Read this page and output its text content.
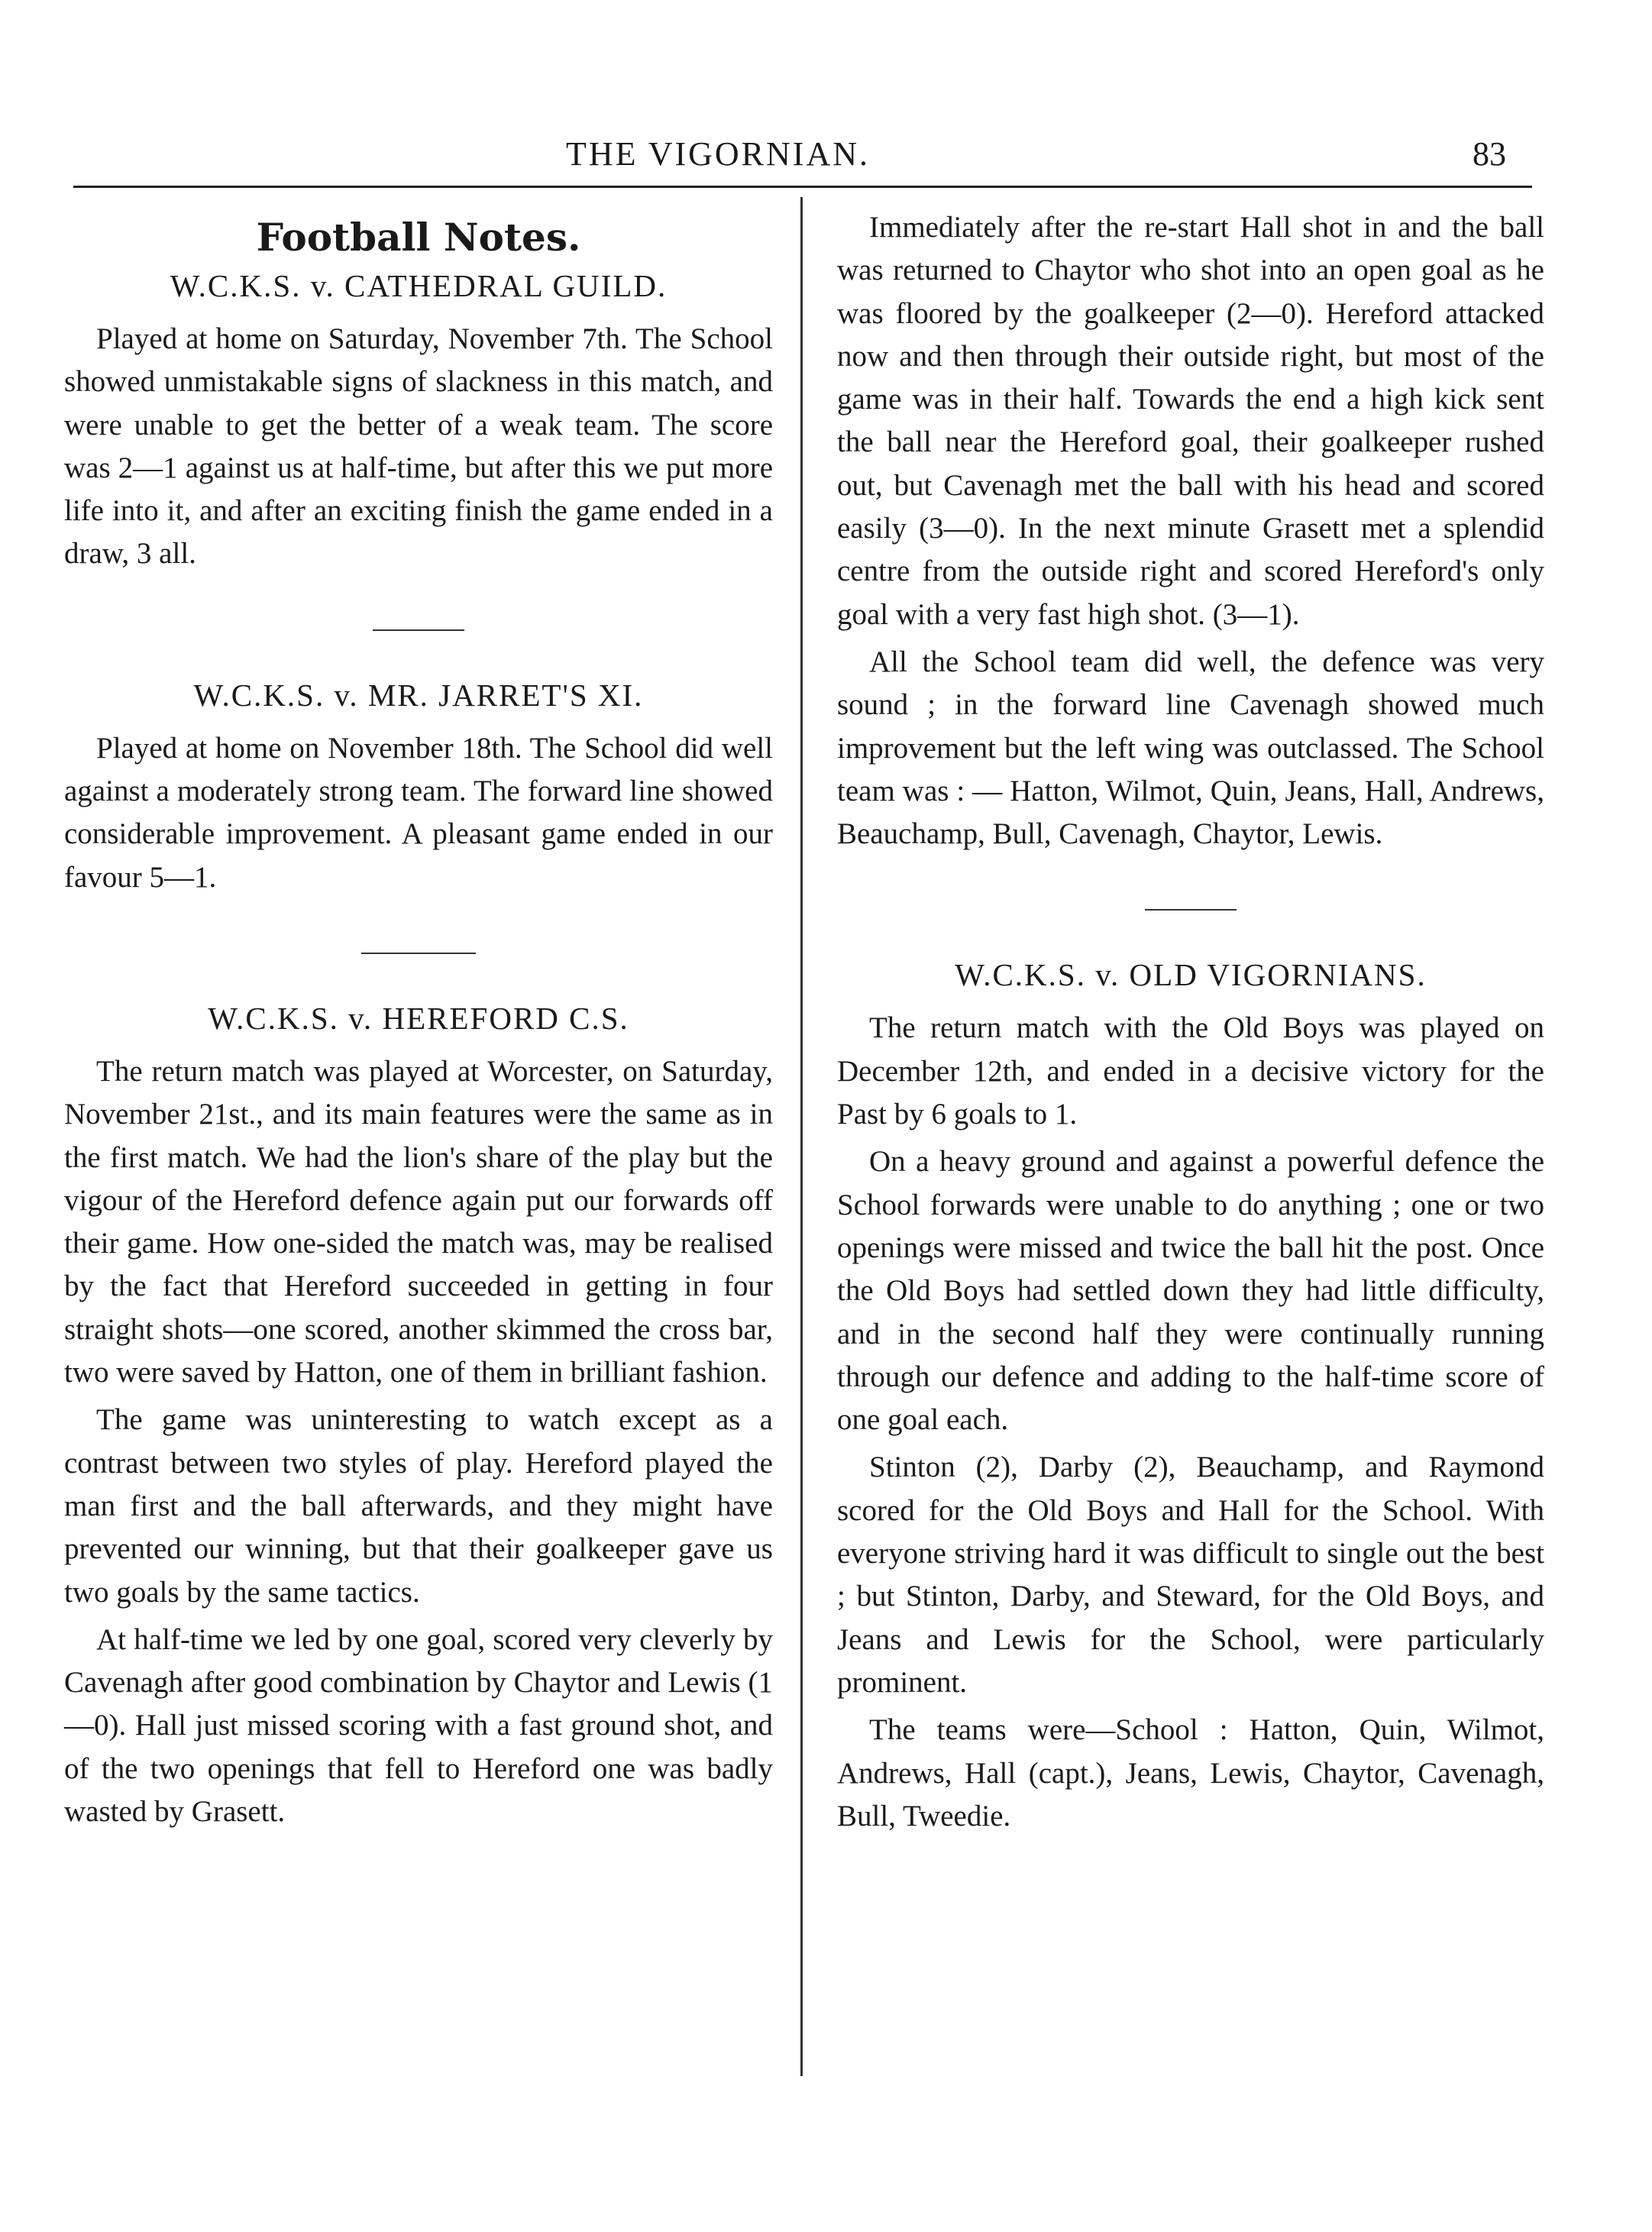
THE VIGORNIAN.	83
Football Notes.
W.C.K.S. v. CATHEDRAL GUILD.

Played at home on Saturday, November 7th. The School showed unmistakable signs of slackness in this match, and were unable to get the better of a weak team. The score was 2—1 against us at half-time, but after this we put more life into it, and after an exciting finish the game ended in a draw, 3 all.

W.C.K.S. v. MR. JARRET'S XI.

Played at home on November 18th. The School did well against a moderately strong team. The forward line showed considerable improvement. A pleasant game ended in our favour 5—1.

W.C.K.S. v. HEREFORD C.S.

The return match was played at Worcester, on Saturday, November 21st., and its main features were the same as in the first match. We had the lion's share of the play but the vigour of the Hereford defence again put our forwards off their game. How one-sided the match was, may be realised by the fact that Hereford succeeded in getting in four straight shots—one scored, another skimmed the cross bar, two were saved by Hatton, one of them in brilliant fashion.

The game was uninteresting to watch except as a contrast between two styles of play. Hereford played the man first and the ball afterwards, and they might have prevented our winning, but that their goalkeeper gave us two goals by the same tactics.

At half-time we led by one goal, scored very cleverly by Cavenagh after good combination by Chaytor and Lewis (1—0). Hall just missed scoring with a fast ground shot, and of the two openings that fell to Hereford one was badly wasted by Grasett.

Immediately after the re-start Hall shot in and the ball was returned to Chaytor who shot into an open goal as he was floored by the goalkeeper (2—0). Hereford attacked now and then through their outside right, but most of the game was in their half. Towards the end a high kick sent the ball near the Hereford goal, their goalkeeper rushed out, but Cavenagh met the ball with his head and scored easily (3—0). In the next minute Grasett met a splendid centre from the outside right and scored Hereford's only goal with a very fast high shot. (3—1).

All the School team did well, the defence was very sound ; in the forward line Cavenagh showed much improvement but the left wing was outclassed. The School team was : — Hatton, Wilmot, Quin, Jeans, Hall, Andrews, Beauchamp, Bull, Cavenagh, Chaytor, Lewis.

W.C.K.S. v. OLD VIGORNIANS.

The return match with the Old Boys was played on December 12th, and ended in a decisive victory for the Past by 6 goals to 1.

On a heavy ground and against a powerful defence the School forwards were unable to do anything ; one or two openings were missed and twice the ball hit the post. Once the Old Boys had settled down they had little difficulty, and in the second half they were continually running through our defence and adding to the half-time score of one goal each.

Stinton (2), Darby (2), Beauchamp, and Raymond scored for the Old Boys and Hall for the School. With everyone striving hard it was difficult to single out the best ; but Stinton, Darby, and Steward, for the Old Boys, and Jeans and Lewis for the School, were particularly prominent.

The teams were—School : Hatton, Quin, Wilmot, Andrews, Hall (capt.), Jeans, Lewis, Chaytor, Cavenagh, Bull, Tweedie.
